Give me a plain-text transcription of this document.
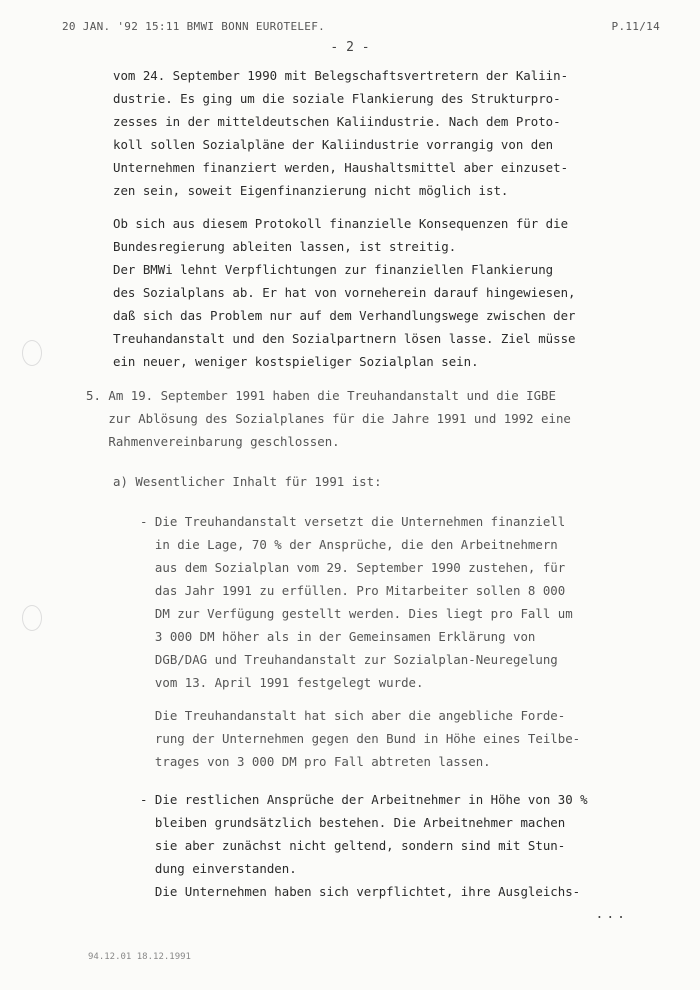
20 JAN. '92 15:11 BMWI BONN EUROTELEF.	P.11/14
- 2 -
vom 24. September 1990 mit Belegschaftsvertretern der Kaliin-
dustrie. Es ging um die soziale Flankierung des Strukturpro-
zesses in der mitteldeutschen Kaliindustrie. Nach dem Proto-
koll sollen Sozialpläne der Kaliindustrie vorrangig von den
Unternehmen finanziert werden, Haushaltsmittel aber einzuset-
zen sein, soweit Eigenfinanzierung nicht möglich ist.
Ob sich aus diesem Protokoll finanzielle Konsequenzen für die
Bundesregierung ableiten lassen, ist streitig.
Der BMWi lehnt Verpflichtungen zur finanziellen Flankierung
des Sozialplans ab. Er hat von vorneherein darauf hingewiesen,
daß sich das Problem nur auf dem Verhandlungswege zwischen der
Treuhandanstalt und den Sozialpartnern lösen lasse. Ziel müsse
ein neuer, weniger kostspieliger Sozialplan sein.
5. Am 19. September 1991 haben die Treuhandanstalt und die IGBE
zur Ablösung des Sozialplanes für die Jahre 1991 und 1992 eine
Rahmenvereinbarung geschlossen.
a) Wesentlicher Inhalt für 1991 ist:
- Die Treuhandanstalt versetzt die Unternehmen finanziell
in die Lage, 70 % der Ansprüche, die den Arbeitnehmern
aus dem Sozialplan vom 29. September 1990 zustehen, für
das Jahr 1991 zu erfüllen. Pro Mitarbeiter sollen 8 000
DM zur Verfügung gestellt werden. Dies liegt pro Fall um
3 000 DM höher als in der Gemeinsamen Erklärung von
DGB/DAG und Treuhandanstalt zur Sozialplan-Neuregelung
vom 13. April 1991 festgelegt wurde.
Die Treuhandanstalt hat sich aber die angebliche Forde-
rung der Unternehmen gegen den Bund in Höhe eines Teilbe-
trages von 3 000 DM pro Fall abtreten lassen.
- Die restlichen Ansprüche der Arbeitnehmer in Höhe von 30 %
bleiben grundsätzlich bestehen. Die Arbeitnehmer machen
sie aber zunächst nicht geltend, sondern sind mit Stun-
dung einverstanden.
Die Unternehmen haben sich verpflichtet, ihre Ausgleichs-
...
94.12.01 18.12.1991
